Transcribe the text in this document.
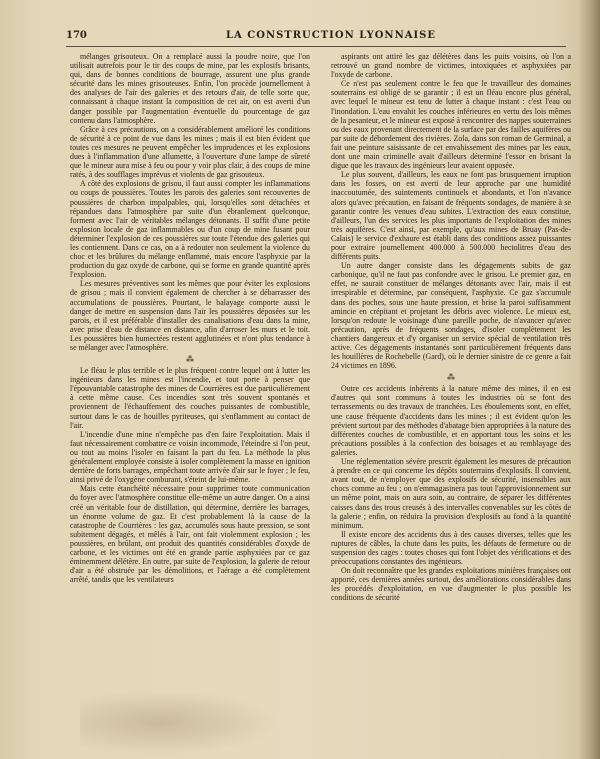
170	LA CONSTRUCTION LYONNAISE

mélanges grisouteux. On a remplacé aussi la poudre noire, que l'on utilisait autrefois pour le tir des coups de mine, par les explosifs brisants, qui, dans de bonnes conditions de bourrage, assurent une plus grande sécurité dans les mines grisouteuses. Enfin, l'on procède journellement à des analyses de l'air des galeries et des retours d'air, de telle sorte que, connaissant à chaque instant la composition de cet air, on est averti d'un danger possible par l'augmentation éventuelle du pourcentage de gaz contenu dans l'atmosphère.

Grâce à ces précautions, on a considérablement amélioré les conditions de sécurité à ce point de vue dans les mines ; mais il est bien évident que toutes ces mesures ne peuvent empêcher les imprudences et les explosions dues à l'inflammation d'une allumette, à l'ouverture d'une lampe de sûreté que le mineur aura mise à feu ou pour y voir plus clair, à des coups de mine ratés, à des soufflages imprévus et violents de gaz grisouteux.

A côté des explosions de grisou, il faut aussi compter les inflammations ou coups de poussières. Toutes les parois des galeries sont recouvertes de poussières de charbon impalpables, qui, lorsqu'elles sont détachées et répandues dans l'atmosphère par suite d'un ébranlement quelconque, forment avec l'air de véritables mélanges détonants. Il suffit d'une petite explosion locale de gaz inflammables ou d'un coup de mine fusant pour déterminer l'explosion de ces poussières sur toute l'étendue des galeries qui les contiennent. Dans ce cas, on a à redouter non seulement la violence du choc et les brûlures du mélange enflammé, mais encore l'asphyxie par la production du gaz oxyde de carbone, qui se forme en grande quantité après l'explosion.

Les mesures préventives sont les mêmes que pour éviter les explosions de grisou ; mais il convient également de chercher à se débarrasser des accumulations de poussières. Pourtant, le balayage comporte aussi le danger de mettre en suspension dans l'air les poussières déposées sur les parois, et il est préférable d'installer des canalisations d'eau dans la mine, avec prise d'eau de distance en distance, afin d'arroser les murs et le toit. Les poussières bien humectées restent agglutinées et n'ont plus tendance à se mélanger avec l'atmosphère.

⁂

Le fléau le plus terrible et le plus fréquent contre lequel ont à lutter les ingénieurs dans les mines est l'incendie, et tout porte à penser que l'épouvantable catastrophe des mines de Courrières est due particulièrement à cette même cause. Ces incendies sont très souvent spontanés et proviennent de l'échauffement des couches puissantes de combustible, surtout dans le cas de houilles pyriteuses, qui s'enflamment au contact de l'air.

L'incendie d'une mine n'empêche pas d'en faire l'exploitation. Mais il faut nécessairement combattre ce voisin incommode, l'éteindre si l'on peut, ou tout au moins l'isoler en faisant la part du feu. La méthode la plus généralement employée consiste à isoler complètement la masse en ignition derrière de forts barrages, empêchant toute arrivée d'air sur le foyer ; le feu, ainsi privé de l'oxygène comburant, s'éteint de lui-même.

Mais cette étanchéité nécessaire pour supprimer toute communication du foyer avec l'atmosphère constitue elle-même un autre danger. On a ainsi créé un véritable four de distillation, qui détermine, derrière les barrages, un énorme volume de gaz. Et c'est probablement là la cause de la catastrophe de Courrières : les gaz, accumulés sous haute pression, se sont subitement dégagés, et mêlés à l'air, ont fait violemment explosion ; les poussières, en brûlant, ont produit des quantités considérables d'oxyde de carbone, et les victimes ont été en grande partie asphyxiées par ce gaz éminemment délétère. En outre, par suite de l'explosion, la galerie de retour d'air a été obstruée par les démolitions, et l'aérage a été complètement arrêté, tandis que les ventilateurs

aspirants ont attiré les gaz délétères dans les puits voisins, où l'on a retrouvé un grand nombre de victimes, intoxiquées et asphyxiées par l'oxyde de carbone.

Ce n'est pas seulement contre le feu que le travailleur des domaines souterrains est obligé de se garantir ; il est un fléau encore plus général, avec lequel le mineur est tenu de lutter à chaque instant : c'est l'eau ou l'inondation. L'eau envahit les couches inférieures en vertu des lois mêmes de la pesanteur, et le mineur est exposé à rencontrer des nappes souterraines ou des eaux provenant directement de la surface par des failles aquifères ou par suite de débordement des rivières. Zola, dans son roman de Germinal, a fait une peinture saisissante de cet envahissement des mines par les eaux, dont une main criminelle avait d'ailleurs déterminé l'essor en brisant la digue que les travaux des ingénieurs leur avaient opposée.

Le plus souvent, d'ailleurs, les eaux ne font pas brusquement irruption dans les fosses, on est averti de leur approche par une humidité inaccoutumée, des suintements continuels et abondants, et l'on n'avance alors qu'avec précaution, en faisant de fréquents sondages, de manière à se garantir contre les venues d'eau subites. L'extraction des eaux constitue, d'ailleurs, l'un des services les plus importants de l'exploitation des mines très aquifères. C'est ainsi, par exemple, qu'aux mines de Bruay (Pas-de-Calais) le service d'exhaure est établi dans des conditions assez puissantes pour extraire journellement 400.000 à 500.000 hectolitres d'eau des différents puits.

Un autre danger consiste dans les dégagements subits de gaz carbonique, qu'il ne faut pas confondre avec le grisou. Le premier gaz, en effet, ne saurait constituer de mélanges détonants avec l'air, mais il est irrespirable et détermine, par conséquent, l'asphyxie. Ce gaz s'accumule dans des poches, sous une haute pression, et brise la paroi suffisamment amincie en crépitant et projetant les débris avec violence. Le mieux est, lorsqu'on redoute le voisinage d'une pareille poche, de n'avancer qu'avec précaution, après de fréquents sondages, d'isoler complètement les chantiers dangereux et d'y organiser un service spécial de ventilation très active. Ces dégagements instantanés sont particulièrement fréquents dans les houillères de Rochebelle (Gard), où le dernier sinistre de ce genre a fait 24 victimes en 1896.

⁂

Outre ces accidents inhérents à la nature même des mines, il en est d'autres qui sont communs à toutes les industries où se font des terrassements ou des travaux de tranchées. Les éboulements sont, en effet, une cause fréquente d'accidents dans les mines ; il est évident qu'on les prévient surtout par des méthodes d'abatage bien appropriées à la nature des différentes couches de combustible, et en apportant tous les soins et les précautions possibles à la confection des boisages et au remblayage des galeries.

Une réglementation sévère prescrit également les mesures de précaution à prendre en ce qui concerne les dépôts souterrains d'explosifs. Il convient, avant tout, de n'employer que des explosifs de sécurité, insensibles aux chocs comme au feu ; on n'emmagasinera pas tout l'approvisionnement sur un même point, mais on aura soin, au contraire, de séparer les différentes caisses dans des trous creusés à des intervalles convenables sur les côtés de la galerie ; enfin, on réduira la provision d'explosifs au fond à la quantité minimum.

Il existe encore des accidents dus à des causes diverses, telles que les ruptures de câbles, la chute dans les puits, les défauts de fermeture ou de suspension des cages : toutes choses qui font l'objet des vérifications et des préoccupations constantes des ingénieurs.

On doit reconnaître que les grandes exploitations minières françaises ont apporté, ces dernières années surtout, des améliorations considérables dans les procédés d'exploitation, en vue d'augmenter le plus possible les conditions de sécurité
